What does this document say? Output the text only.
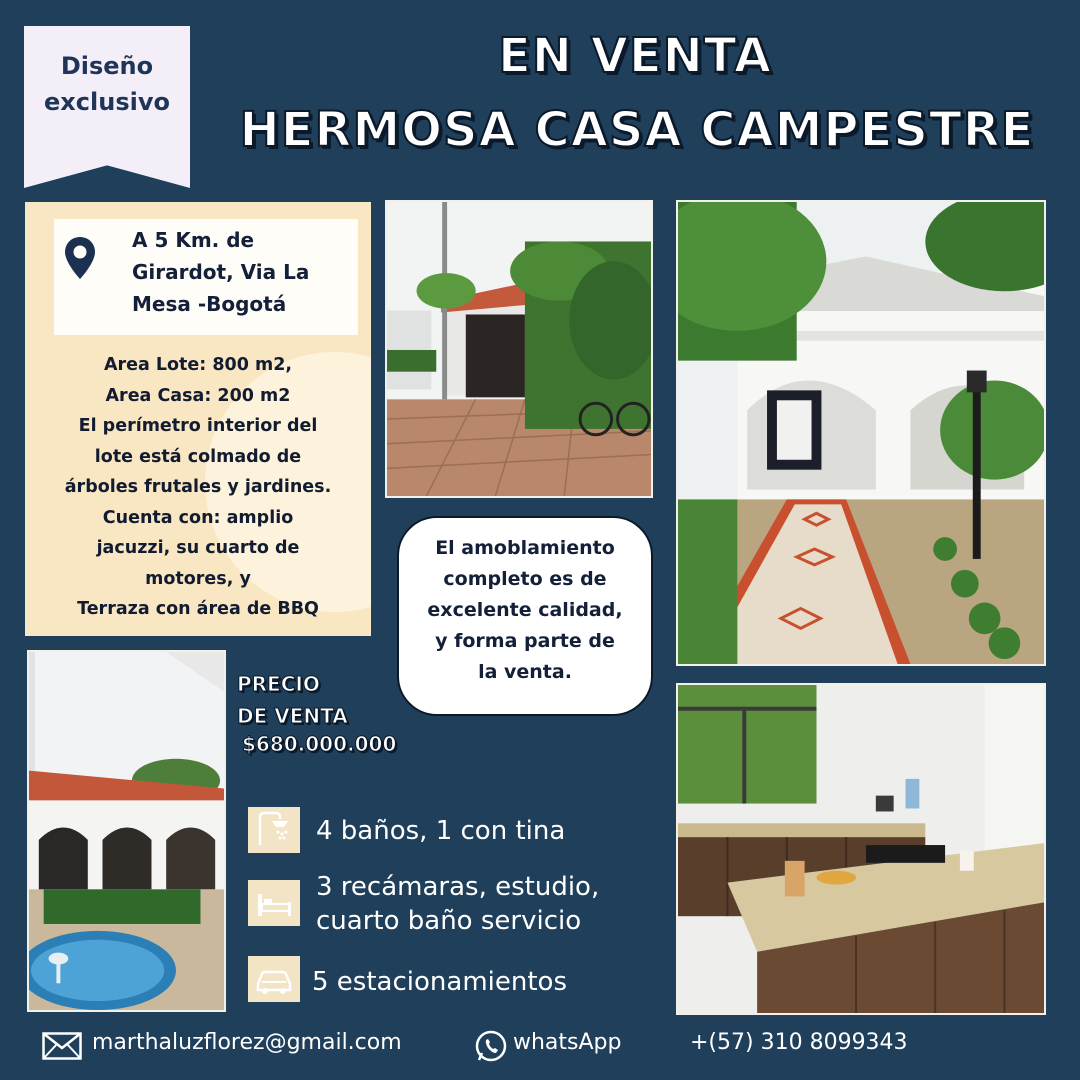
Diseño
exclusivo
EN VENTA
HERMOSA CASA CAMPESTRE
A 5 Km. de
Girardot, Via La
Mesa -Bogotá
Area Lote: 800 m2,
Area Casa: 200 m2
El perímetro interior del
lote está colmado de
árboles frutales y jardines.
Cuenta con: amplio
jacuzzi, su cuarto de
motores, y
Terraza con área de BBQ
El amoblamiento
completo es de
excelente calidad,
y forma parte de
la venta.
PRECIO
DE VENTA
$680.000.000
4 baños, 1 con tina
3 recámaras, estudio,
cuarto baño servicio
5 estacionamientos
marthaluzflorez@gmail.com	whatsApp	+(57) 310 8099343
